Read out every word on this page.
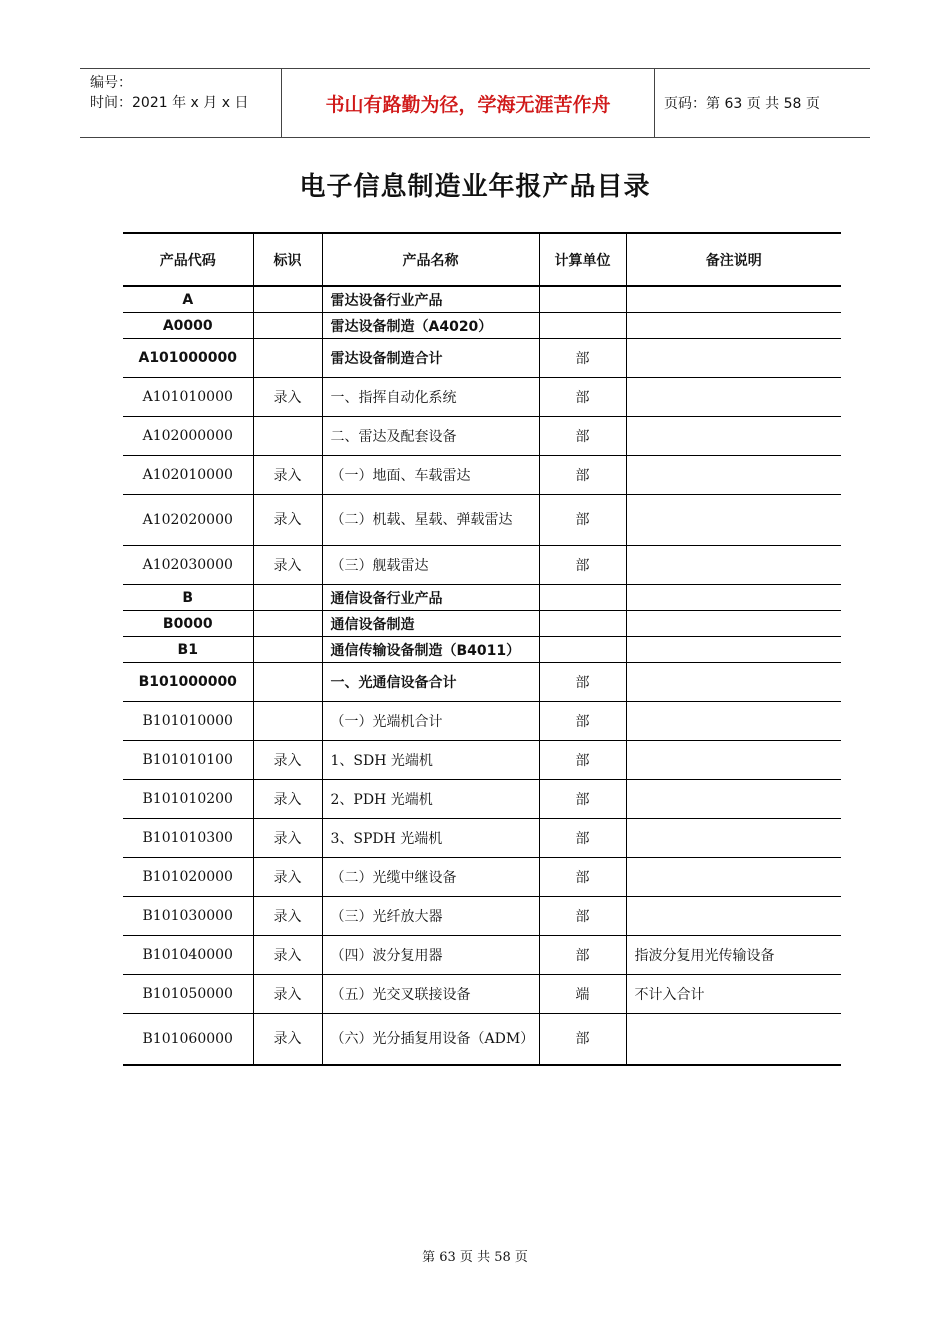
编号：
时间：2021 年 x 月 x 日	书山有路勤为径，学海无涯苦作舟	页码：第 63 页 共 58 页
电子信息制造业年报产品目录
产品代码	标识	产品名称	计算单位	备注说明
A		雷达设备行业产品		
A0000		雷达设备制造（A4020）		
A101000000		雷达设备制造合计	部	
A101010000	录入	一、指挥自动化系统	部	
A102000000		二、雷达及配套设备	部	
A102010000	录入	（一）地面、车载雷达	部	
A102020000	录入	（二）机载、星载、弹载雷达	部	
A102030000	录入	（三）舰载雷达	部	
B		通信设备行业产品		
B0000		通信设备制造		
B1		通信传输设备制造（B4011）		
B101000000		一、光通信设备合计	部	
B101010000		（一）光端机合计	部	
B101010100	录入	1、SDH 光端机	部	
B101010200	录入	2、PDH 光端机	部	
B101010300	录入	3、SPDH 光端机	部	
B101020000	录入	（二）光缆中继设备	部	
B101030000	录入	（三）光纤放大器	部	
B101040000	录入	（四）波分复用器	部	指波分复用光传输设备
B101050000	录入	（五）光交叉联接设备	端	不计入合计
B101060000	录入	（六）光分插复用设备（ADM）	部	
第 63 页 共 58 页
